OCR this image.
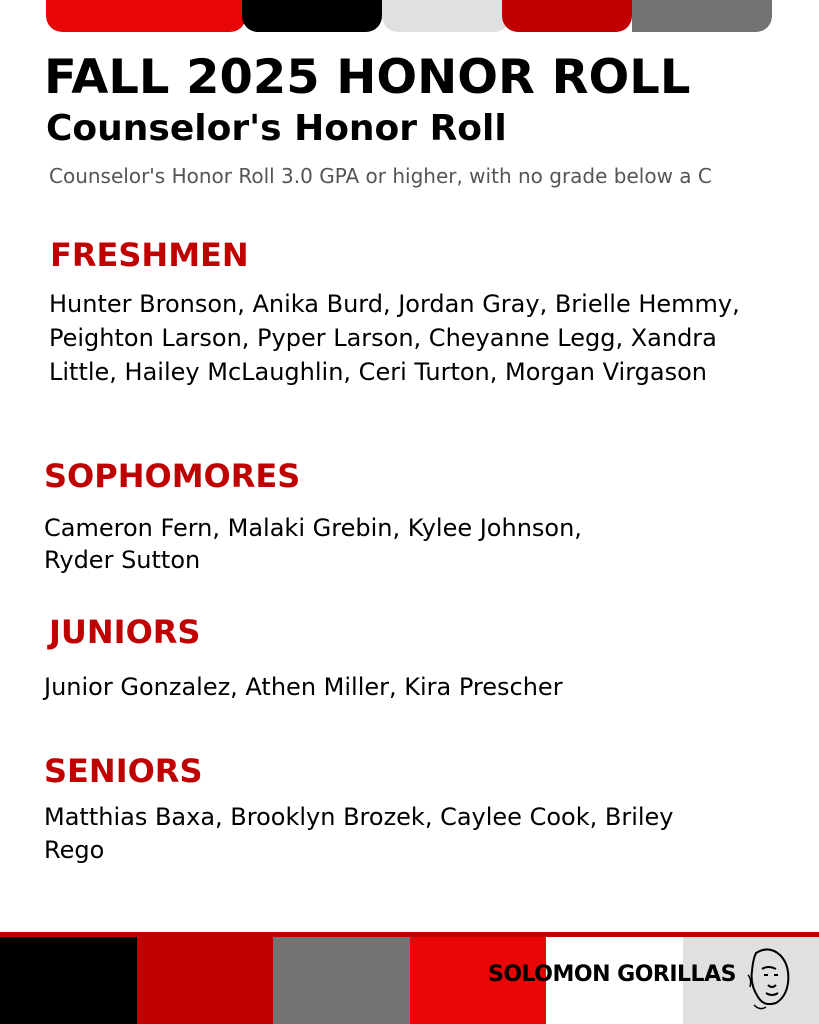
FALL 2025 HONOR ROLL
Counselor's Honor Roll
Counselor's Honor Roll 3.0 GPA or higher, with no grade below a C
FRESHMEN
Hunter Bronson, Anika Burd, Jordan Gray, Brielle Hemmy, Peighton Larson, Pyper Larson, Cheyanne Legg, Xandra Little, Hailey McLaughlin, Ceri Turton, Morgan Virgason
SOPHOMORES
Cameron Fern, Malaki Grebin, Kylee Johnson, Ryder Sutton
JUNIORS
Junior Gonzalez, Athen Miller, Kira Prescher
SENIORS
Matthias Baxa, Brooklyn Brozek, Caylee Cook, Briley Rego
SOLOMON GORILLAS
